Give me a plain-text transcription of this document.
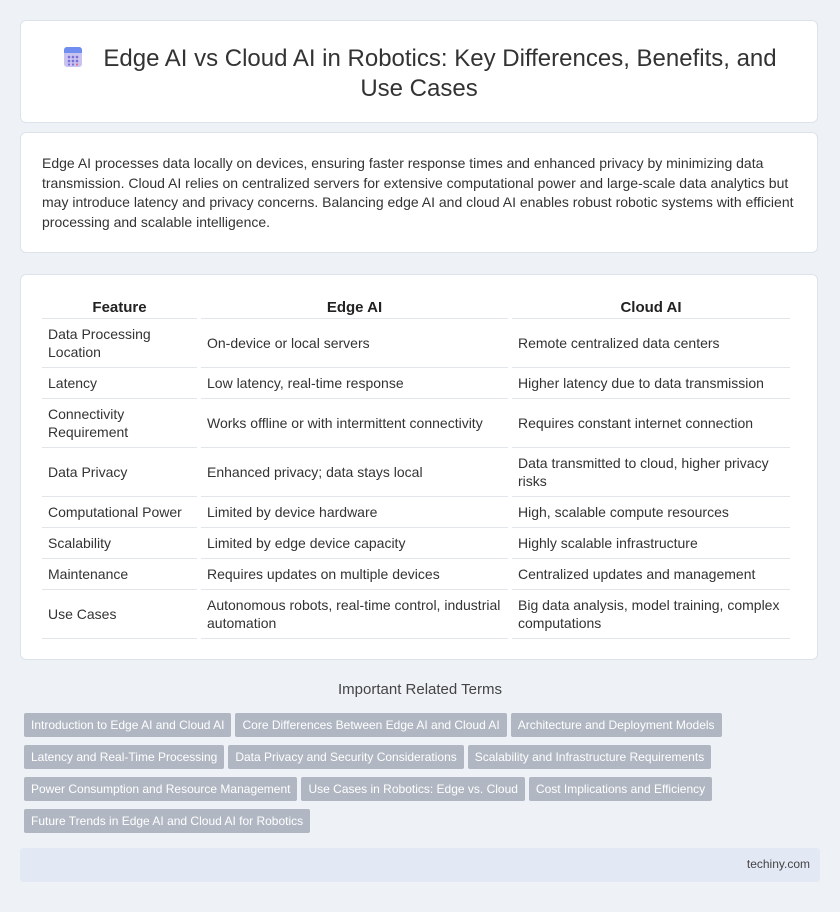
Edge AI vs Cloud AI in Robotics: Key Differences, Benefits, and Use Cases

Edge AI processes data locally on devices, ensuring faster response times and enhanced privacy by minimizing data transmission. Cloud AI relies on centralized servers for extensive computational power and large-scale data analytics but may introduce latency and privacy concerns. Balancing edge AI and cloud AI enables robust robotic systems with efficient processing and scalable intelligence.

Feature	Edge AI	Cloud AI
Data Processing Location	On-device or local servers	Remote centralized data centers
Latency	Low latency, real-time response	Higher latency due to data transmission
Connectivity Requirement	Works offline or with intermittent connectivity	Requires constant internet connection
Data Privacy	Enhanced privacy; data stays local	Data transmitted to cloud, higher privacy risks
Computational Power	Limited by device hardware	High, scalable compute resources
Scalability	Limited by edge device capacity	Highly scalable infrastructure
Maintenance	Requires updates on multiple devices	Centralized updates and management
Use Cases	Autonomous robots, real-time control, industrial automation	Big data analysis, model training, complex computations
Important Related Terms
Introduction to Edge AI and Cloud AI Core Differences Between Edge AI and Cloud AI Architecture and Deployment Models
Latency and Real-Time Processing Data Privacy and Security Considerations Scalability and Infrastructure Requirements
Power Consumption and Resource Management Use Cases in Robotics: Edge vs. Cloud Cost Implications and Efficiency
Future Trends in Edge AI and Cloud AI for Robotics
techiny.com
